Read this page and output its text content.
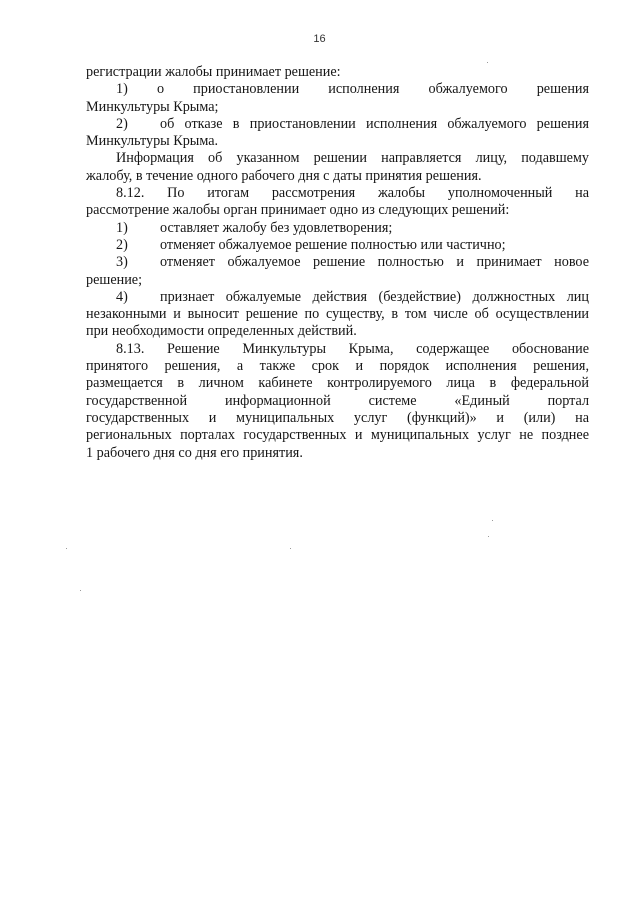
16
регистрации жалобы принимает решение:
1) о приостановлении исполнения обжалуемого решения
Минкультуры Крыма;
2) об отказе в приостановлении исполнения обжалуемого решения
Минкультуры Крыма.
Информация об указанном решении направляется лицу, подавшему
жалобу, в течение одного рабочего дня с даты принятия решения.
8.12. По итогам рассмотрения жалобы уполномоченный на
рассмотрение жалобы орган принимает одно из следующих решений:
1) оставляет жалобу без удовлетворения;
2) отменяет обжалуемое решение полностью или частично;
3) отменяет обжалуемое решение полностью и принимает новое
решение;
4) признает обжалуемые действия (бездействие) должностных лиц
незаконными и выносит решение по существу, в том числе об осуществлении
при необходимости определенных действий.
8.13. Решение Минкультуры Крыма, содержащее обоснование
принятого решения, а также срок и порядок исполнения решения,
размещается в личном кабинете контролируемого лица в федеральной
государственной	информационной	системе	«Единый	портал
государственных и муниципальных услуг (функций)» и (или) на
региональных порталах государственных и муниципальных услуг не позднее
1 рабочего дня со дня его принятия.
